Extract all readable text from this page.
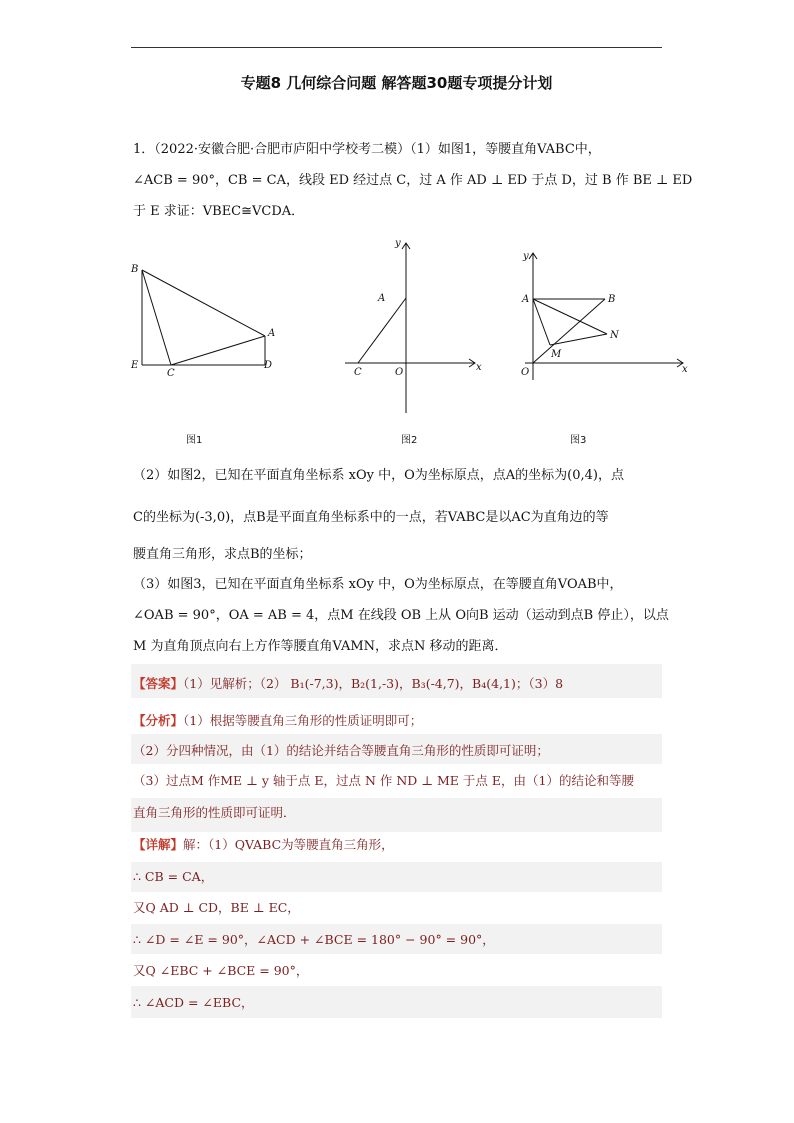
专题8 几何综合问题 解答题30题专项提分计划
1．（2022·安徽合肥·合肥市庐阳中学校考二模）（1）如图1，等腰直角VABC中，
∠ACB = 90°，CB = CA，线段 ED 经过点 C，过 A 作 AD ⊥ ED 于点 D，过 B 作 BE ⊥ ED
于 E 求证：VBEC≅VCDA．
B
A
E
C
D
图1
y
x
A
C	O
图2
y
x
A	B
N
M
O
图3
（2）如图2，已知在平面直角坐标系 xOy 中，O为坐标原点，点A的坐标为(0,4)，点
C的坐标为(-3,0)，点B是平面直角坐标系中的一点，若VABC是以AC为直角边的等
腰直角三角形，求点B的坐标；
（3）如图3，已知在平面直角坐标系 xOy 中，O为坐标原点，在等腰直角VOAB中，
∠OAB = 90°，OA = AB = 4，点M 在线段 OB 上从 O向B 运动（运动到点B 停止），以点
M 为直角顶点向右上方作等腰直角VAMN，求点N 移动的距离．
【答案】（1）见解析；（2） B₁(-7,3)，B₂(1,-3)，B₃(-4,7)，B₄(4,1)；（3）8
【分析】（1）根据等腰直角三角形的性质证明即可；
（2）分四种情况，由（1）的结论并结合等腰直角三角形的性质即可证明；
（3）过点M 作ME ⊥ y 轴于点 E，过点 N 作 ND ⊥ ME 于点 E，由（1）的结论和等腰
直角三角形的性质即可证明．
【详解】解：（1）QVABC为等腰直角三角形，
∴ CB = CA，
又Q AD ⊥ CD，BE ⊥ EC，
∴ ∠D = ∠E = 90°，∠ACD + ∠BCE = 180° − 90° = 90°，
又Q ∠EBC + ∠BCE = 90°，
∴ ∠ACD = ∠EBC，
